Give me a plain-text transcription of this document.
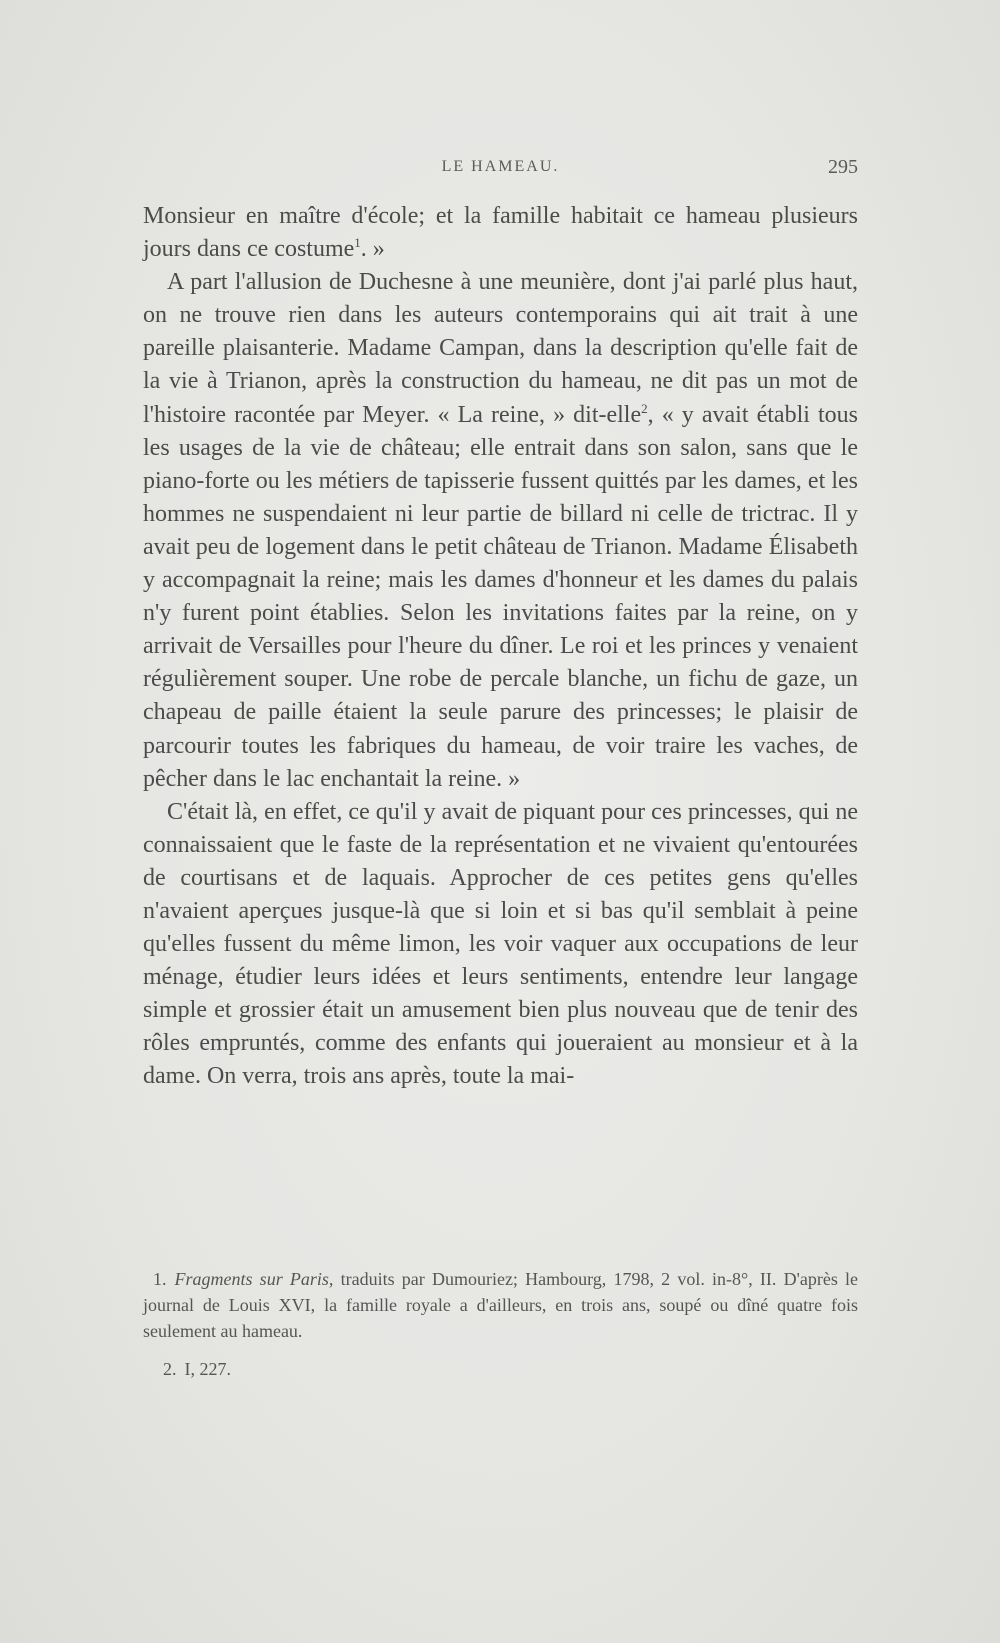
LE HAMEAU.	295

Monsieur en maître d'école; et la famille habitait ce hameau plusieurs jours dans ce costume$^1$. »

A part l'allusion de Duchesne à une meunière, dont j'ai parlé plus haut, on ne trouve rien dans les auteurs contemporains qui ait trait à une pareille plaisanterie. Madame Campan, dans la description qu'elle fait de la vie à Trianon, après la construction du hameau, ne dit pas un mot de l'histoire racontée par Meyer. « La reine, » dit-elle$^2$, « y avait établi tous les usages de la vie de château; elle entrait dans son salon, sans que le piano-forte ou les métiers de tapisserie fussent quittés par les dames, et les hommes ne suspendaient ni leur partie de billard ni celle de trictrac. Il y avait peu de logement dans le petit château de Trianon. Madame Élisabeth y accompagnait la reine; mais les dames d'honneur et les dames du palais n'y furent point établies. Selon les invitations faites par la reine, on y arrivait de Versailles pour l'heure du dîner. Le roi et les princes y venaient régulièrement souper. Une robe de percale blanche, un fichu de gaze, un chapeau de paille étaient la seule parure des princesses; le plaisir de parcourir toutes les fabriques du hameau, de voir traire les vaches, de pêcher dans le lac enchantait la reine. »

C'était là, en effet, ce qu'il y avait de piquant pour ces princesses, qui ne connaissaient que le faste de la représentation et ne vivaient qu'entourées de courtisans et de laquais. Approcher de ces petites gens qu'elles n'avaient aperçues jusque-là que si loin et si bas qu'il semblait à peine qu'elles fussent du même limon, les voir vaquer aux occupations de leur ménage, étudier leurs idées et leurs sentiments, entendre leur langage simple et grossier était un amusement bien plus nouveau que de tenir des rôles empruntés, comme des enfants qui joueraient au monsieur et à la dame. On verra, trois ans après, toute la mai-

1. Fragments sur Paris, traduits par Dumouriez; Hambourg, 1798, 2 vol. in-8°, II. D'après le journal de Louis XVI, la famille royale a d'ailleurs, en trois ans, soupé ou dîné quatre fois seulement au hameau.

2. I, 227.
